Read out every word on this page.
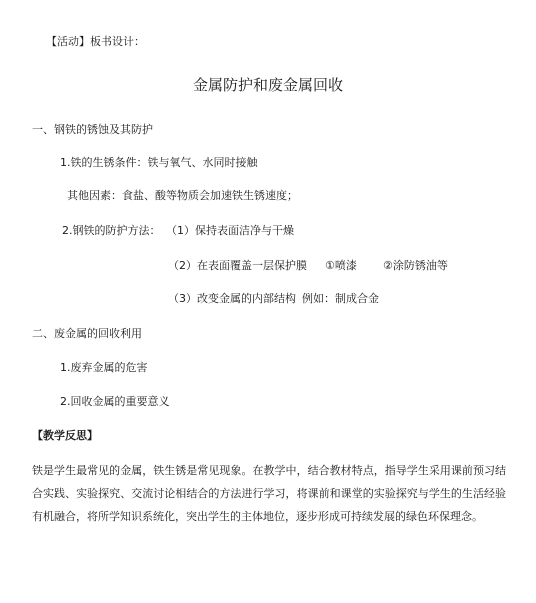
【活动】板书设计：
金属防护和废金属回收
一、钢铁的锈蚀及其防护
1.铁的生锈条件：铁与氧气、水同时接触
其他因素：食盐、酸等物质会加速铁生锈速度；
2.钢铁的防护方法： （1）保持表面洁净与干燥
（2）在表面覆盖一层保护膜 ①喷漆 ②涂防锈油等
（3）改变金属的内部结构 例如：制成合金
二、废金属的回收利用
1.废弃金属的危害
2.回收金属的重要意义
【教学反思】
铁是学生最常见的金属，铁生锈是常见现象。在教学中，结合教材特点，指导学生采用课前预习结合实践、实验探究、交流讨论相结合的方法进行学习，将课前和课堂的实验探究与学生的生活经验有机融合，将所学知识系统化，突出学生的主体地位，逐步形成可持续发展的绿色环保理念。
